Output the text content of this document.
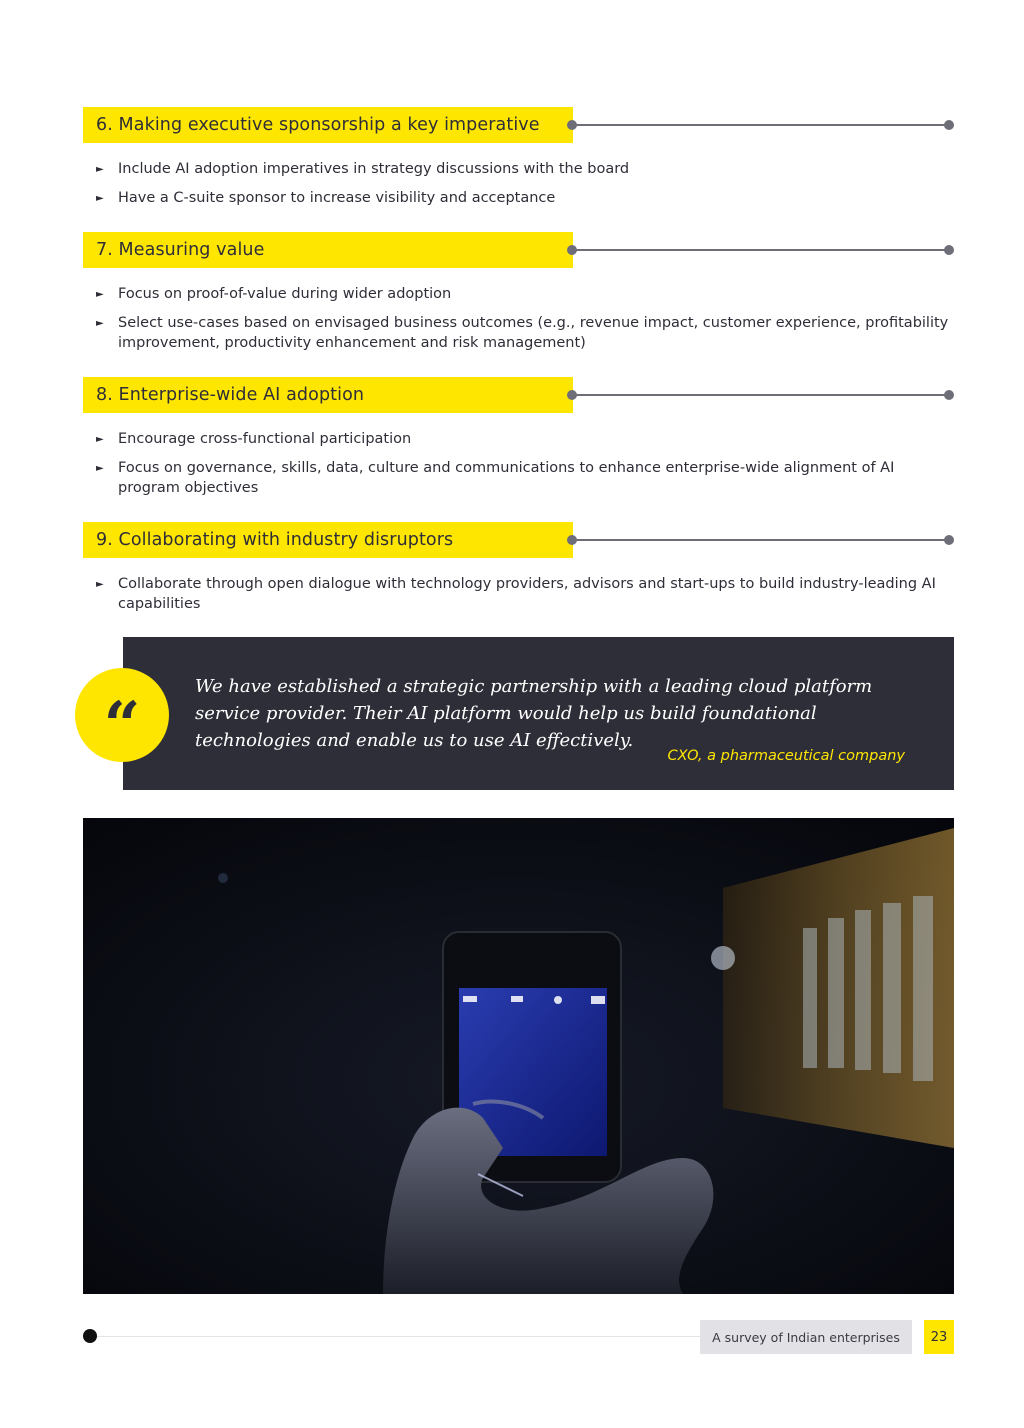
6. Making executive sponsorship a key imperative
► Include AI adoption imperatives in strategy discussions with the board
► Have a C-suite sponsor to increase visibility and acceptance
7. Measuring value
► Focus on proof-of-value during wider adoption
► Select use-cases based on envisaged business outcomes (e.g., revenue impact, customer experience, profitability improvement, productivity enhancement and risk management)
8. Enterprise-wide AI adoption
► Encourage cross-functional participation
► Focus on governance, skills, data, culture and communications to enhance enterprise-wide alignment of AI program objectives
9. Collaborating with industry disruptors
► Collaborate through open dialogue with technology providers, advisors and start-ups to build industry-leading AI capabilities
“
We have established a strategic partnership with a leading cloud platform service provider. Their AI platform would help us build foundational technologies and enable us to use AI effectively.
CXO, a pharmaceutical company
A survey of Indian enterprises	23
